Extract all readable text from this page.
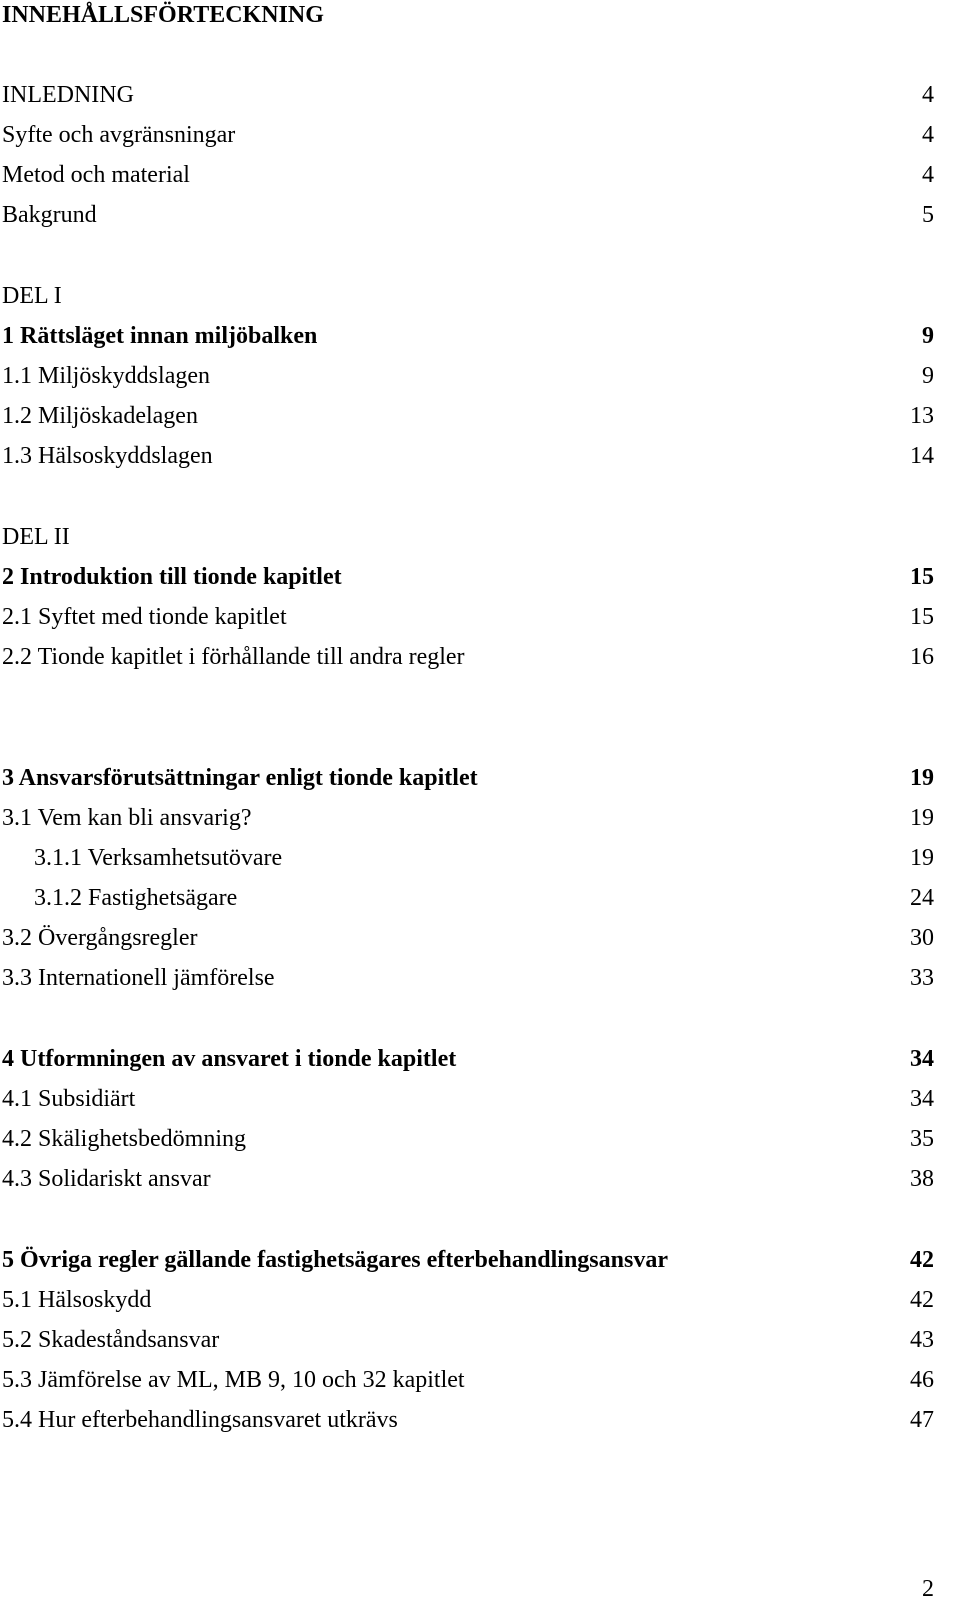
INNEHÅLLSFÖRTECKNING
INLEDNING	4
Syfte och avgränsningar	4
Metod och material	4
Bakgrund	5
DEL I
1 Rättsläget innan miljöbalken	9
1.1 Miljöskyddslagen	9
1.2 Miljöskadelagen	13
1.3 Hälsoskyddslagen	14
DEL II
2 Introduktion till tionde kapitlet	15
2.1 Syftet med tionde kapitlet	15
2.2 Tionde kapitlet i förhållande till andra regler	16
3 Ansvarsförutsättningar enligt tionde kapitlet	19
3.1 Vem kan bli ansvarig?	19
3.1.1 Verksamhetsutövare	19
3.1.2 Fastighetsägare	24
3.2 Övergångsregler	30
3.3 Internationell jämförelse	33
4 Utformningen av ansvaret i tionde kapitlet	34
4.1 Subsidiärt	34
4.2 Skälighetsbedömning	35
4.3 Solidariskt ansvar	38
5 Övriga regler gällande fastighetsägares efterbehandlingsansvar	42
5.1 Hälsoskydd	42
5.2 Skadeståndsansvar	43
5.3 Jämförelse av ML, MB 9, 10 och 32 kapitlet	46
5.4 Hur efterbehandlingsansvaret utkrävs	47
2
